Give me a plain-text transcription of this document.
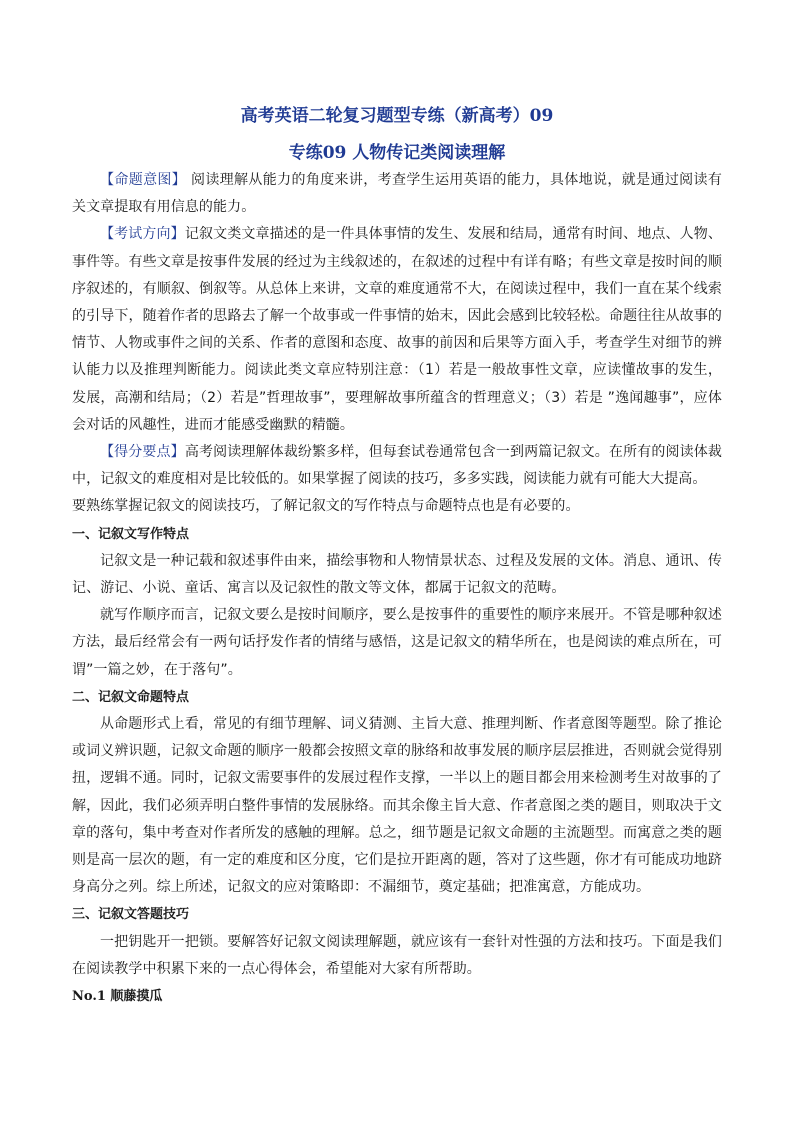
高考英语二轮复习题型专练（新高考）09
专练09 人物传记类阅读理解

【命题意图】 阅读理解从能力的角度来讲，考查学生运用英语的能力，具体地说，就是通过阅读有关文章提取有用信息的能力。

【考试方向】记叙文类文章描述的是一件具体事情的发生、发展和结局，通常有时间、地点、人物、事件等。有些文章是按事件发展的经过为主线叙述的，在叙述的过程中有详有略；有些文章是按时间的顺序叙述的，有顺叙、倒叙等。从总体上来讲，文章的难度通常不大，在阅读过程中，我们一直在某个线索的引导下，随着作者的思路去了解一个故事或一件事情的始末，因此会感到比较轻松。命题往往从故事的情节、人物或事件之间的关系、作者的意图和态度、故事的前因和后果等方面入手，考查学生对细节的辨认能力以及推理判断能力。阅读此类文章应特别注意：（1）若是一般故事性文章，应读懂故事的发生，发展，高潮和结局；（2）若是”哲理故事”，要理解故事所蕴含的哲理意义；（3）若是 ”逸闻趣事”，应体会对话的风趣性，进而才能感受幽默的精髓。

【得分要点】高考阅读理解体裁纷繁多样，但每套试卷通常包含一到两篇记叙文。在所有的阅读体裁中，记叙文的难度相对是比较低的。如果掌握了阅读的技巧，多多实践，阅读能力就有可能大大提高。

要熟练掌握记叙文的阅读技巧，了解记叙文的写作特点与命题特点也是有必要的。

一、记叙文写作特点

记叙文是一种记载和叙述事件由来，描绘事物和人物情景状态、过程及发展的文体。消息、通讯、传记、游记、小说、童话、寓言以及记叙性的散文等文体，都属于记叙文的范畴。

就写作顺序而言，记叙文要么是按时间顺序，要么是按事件的重要性的顺序来展开。不管是哪种叙述方法，最后经常会有一两句话抒发作者的情绪与感悟，这是记叙文的精华所在，也是阅读的难点所在，可谓”一篇之妙，在于落句”。

二、记叙文命题特点

从命题形式上看，常见的有细节理解、词义猜测、主旨大意、推理判断、作者意图等题型。除了推论或词义辨识题，记叙文命题的顺序一般都会按照文章的脉络和故事发展的顺序层层推进，否则就会觉得别扭，逻辑不通。同时，记叙文需要事件的发展过程作支撑，一半以上的题目都会用来检测考生对故事的了解，因此，我们必须弄明白整件事情的发展脉络。而其余像主旨大意、作者意图之类的题目，则取决于文章的落句，集中考查对作者所发的感触的理解。总之，细节题是记叙文命题的主流题型。而寓意之类的题则是高一层次的题，有一定的难度和区分度，它们是拉开距离的题，答对了这些题，你才有可能成功地跻身高分之列。综上所述，记叙文的应对策略即：不漏细节，奠定基础；把准寓意，方能成功。

三、记叙文答题技巧

一把钥匙开一把锁。要解答好记叙文阅读理解题，就应该有一套针对性强的方法和技巧。下面是我们在阅读教学中积累下来的一点心得体会，希望能对大家有所帮助。

No.1 顺藤摸瓜
